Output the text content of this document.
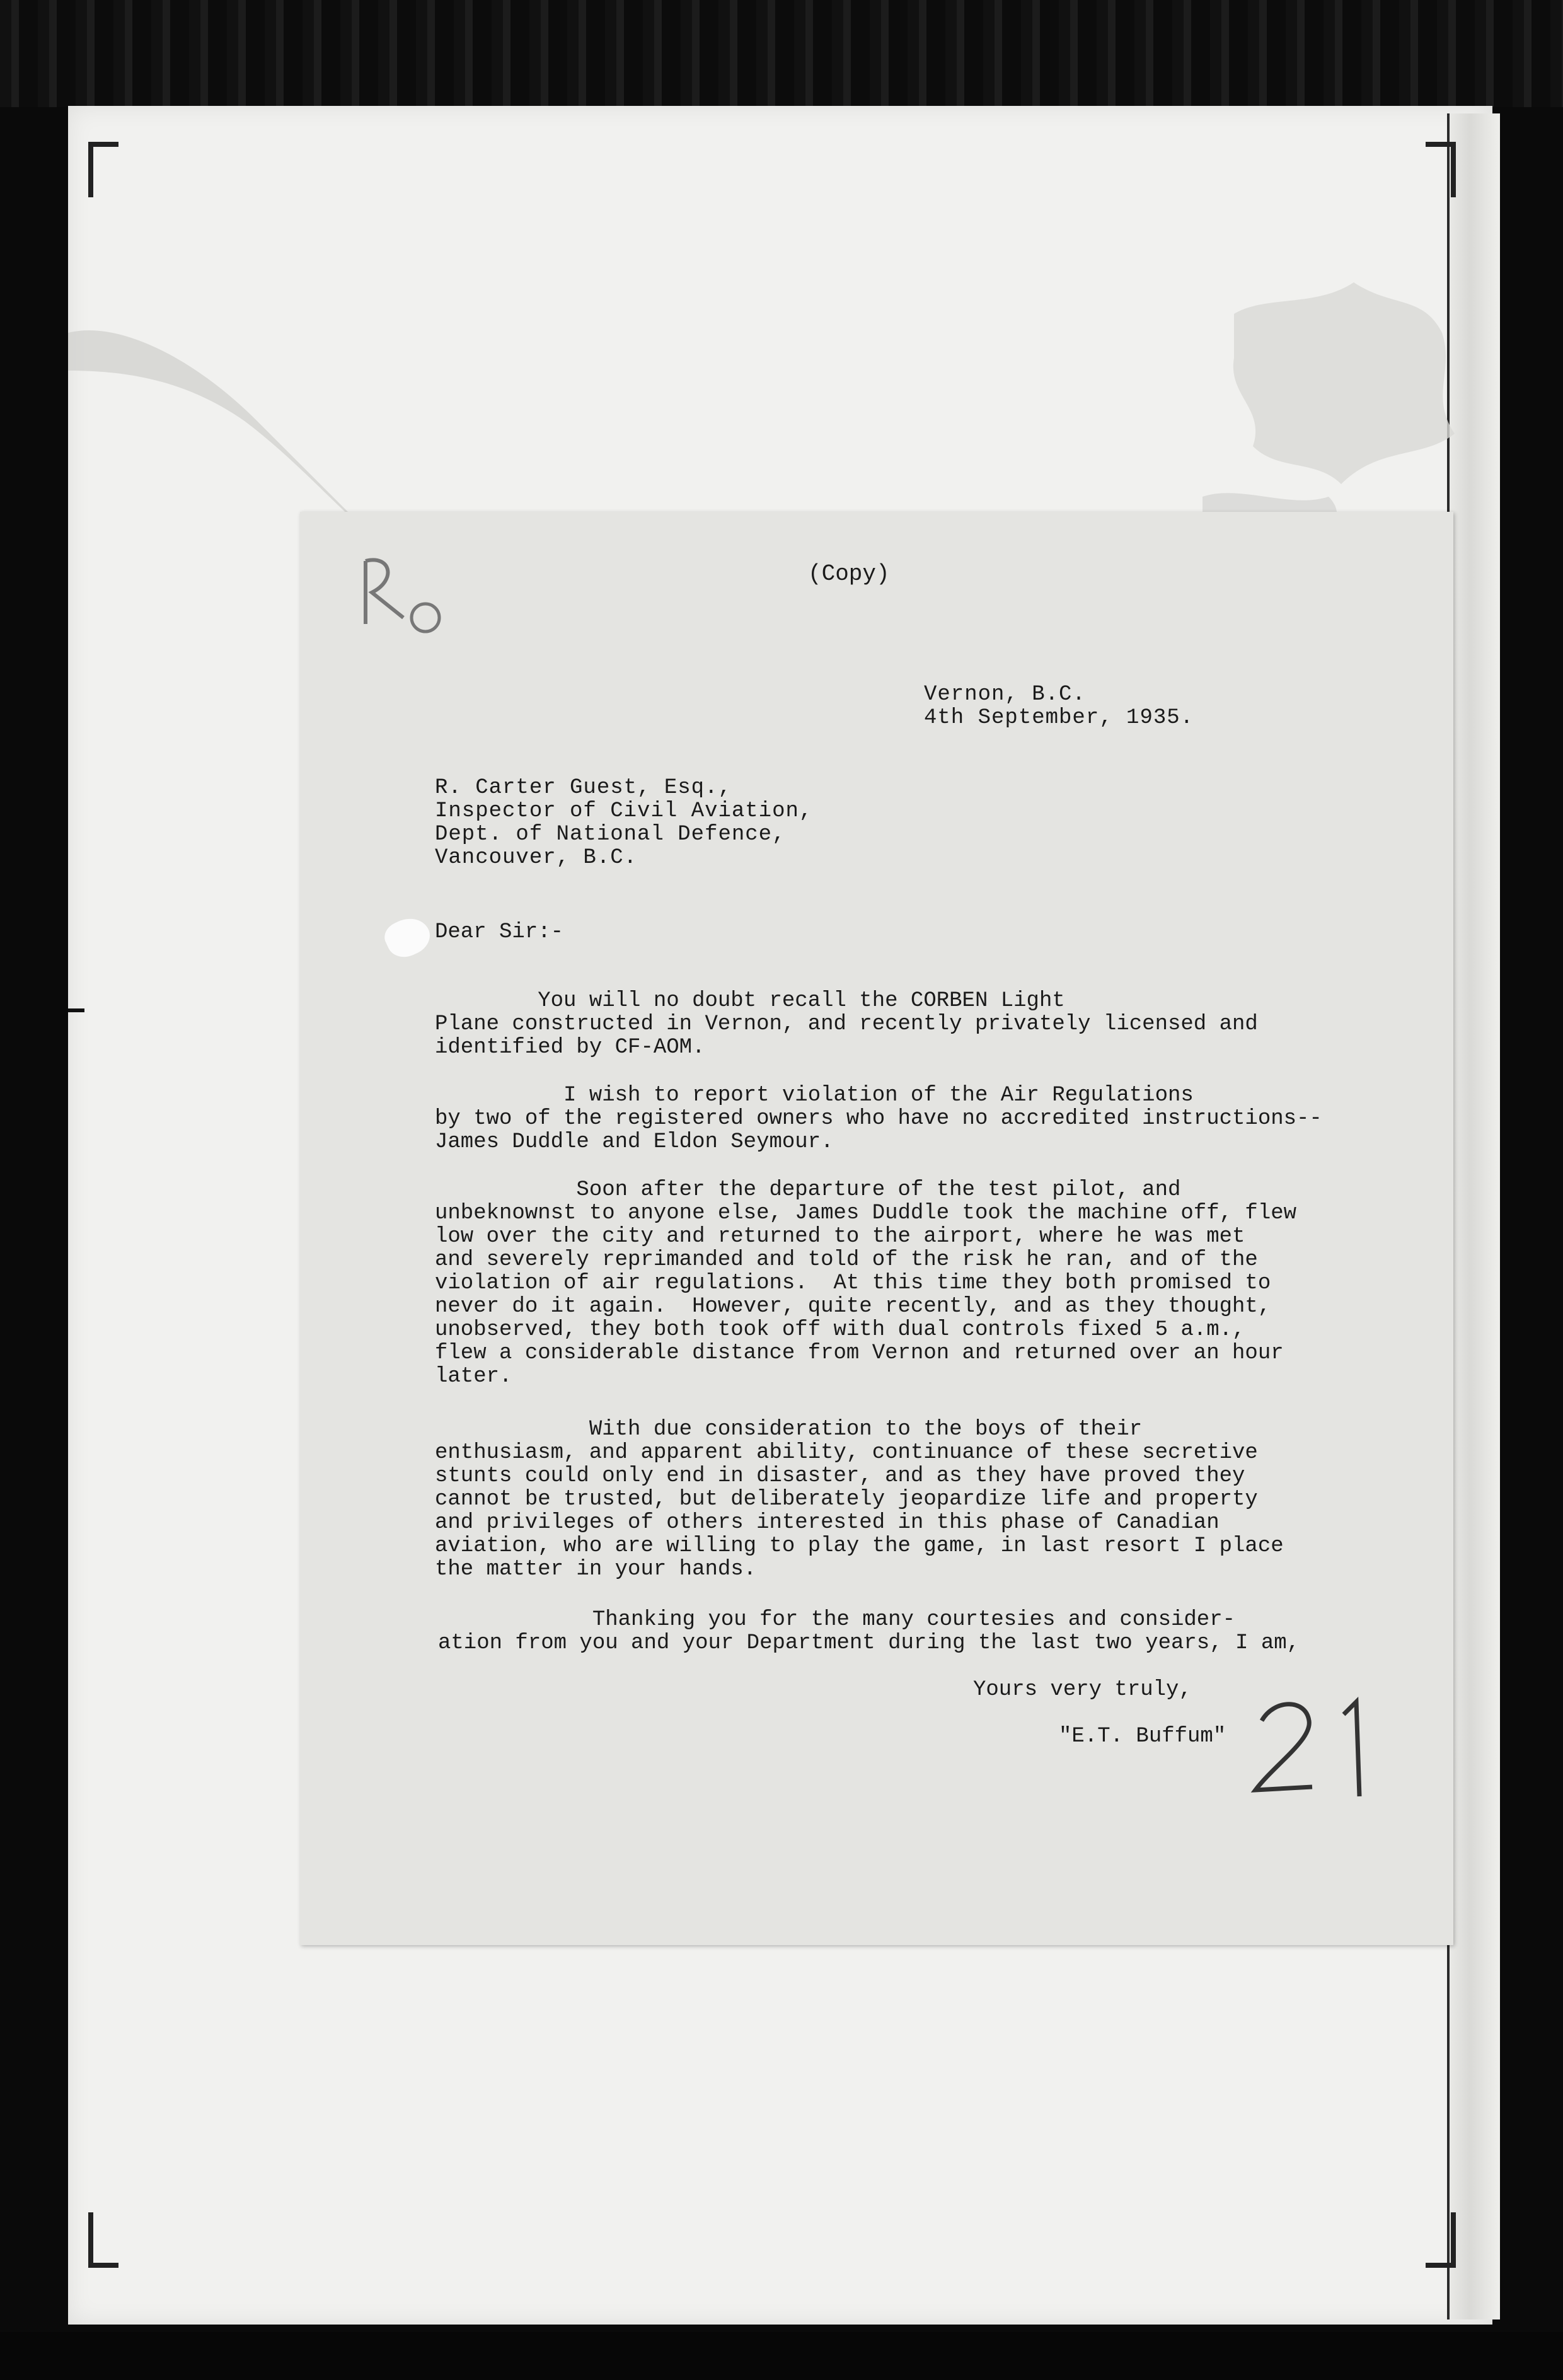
(Copy)
Vernon, B.C.
4th September, 1935.
R. Carter Guest, Esq.,
Inspector of Civil Aviation,
Dept. of National Defence,
Vancouver, B.C.
Dear Sir:-
You will no doubt recall the CORBEN Light
Plane constructed in Vernon, and recently privately licensed and
identified by CF-AOM.
I wish to report violation of the Air Regulations
by two of the registered owners who have no accredited instructions--
James Duddle and Eldon Seymour.
Soon after the departure of the test pilot, and
unbeknownst to anyone else, James Duddle took the machine off, flew
low over the city and returned to the airport, where he was met
and severely reprimanded and told of the risk he ran, and of the
violation of air regulations.  At this time they both promised to
never do it again.  However, quite recently, and as they thought,
unobserved, they both took off with dual controls fixed 5 a.m.,
flew a considerable distance from Vernon and returned over an hour
later.
With due consideration to the boys of their
enthusiasm, and apparent ability, continuance of these secretive
stunts could only end in disaster, and as they have proved they
cannot be trusted, but deliberately jeopardize life and property
and privileges of others interested in this phase of Canadian
aviation, who are willing to play the game, in last resort I place
the matter in your hands.
Thanking you for the many courtesies and consider-
ation from you and your Department during the last two years, I am,
Yours very truly,
"E.T. Buffum"
